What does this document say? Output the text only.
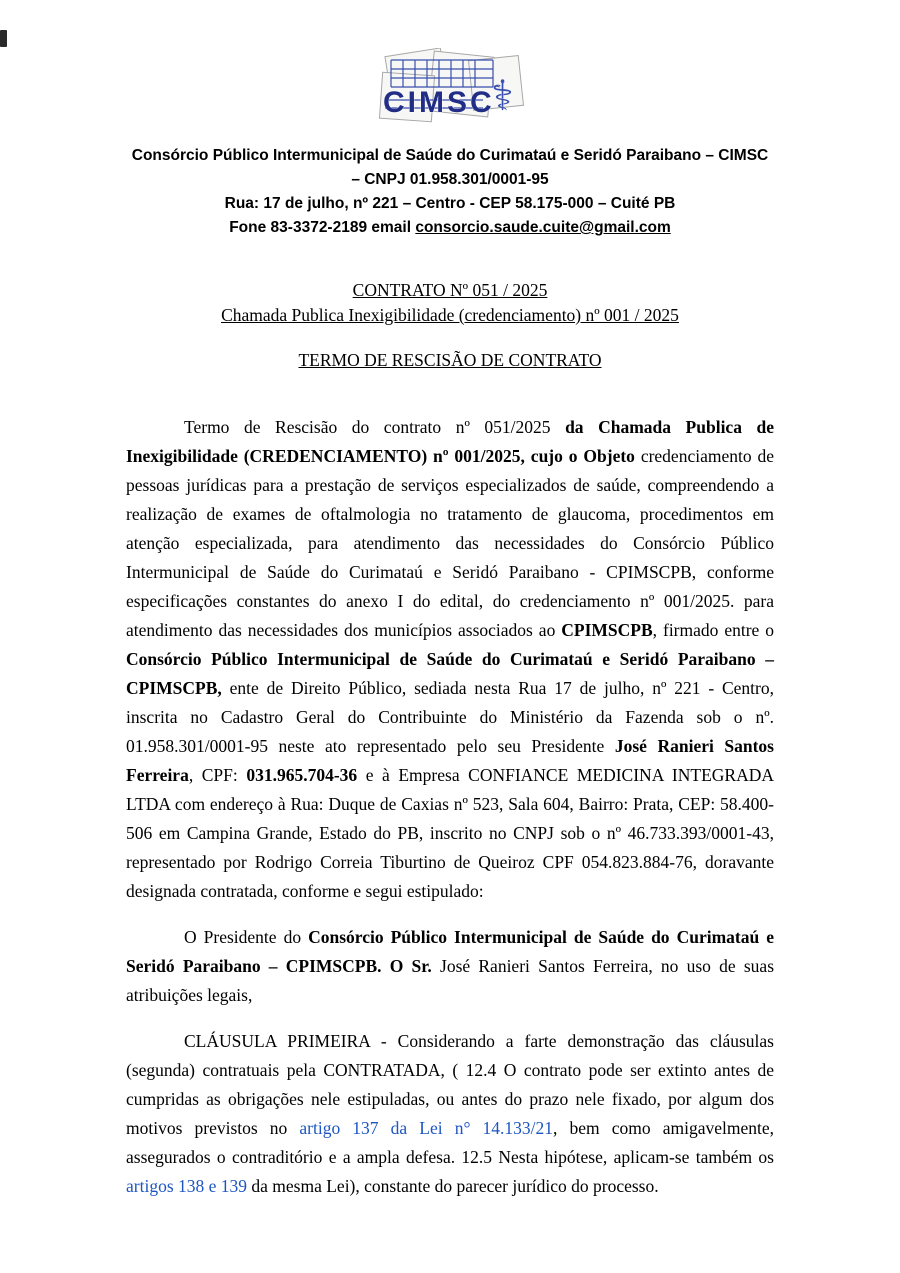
CIMSC
⚕
Consórcio Público Intermunicipal de Saúde do Curimataú e Seridó Paraibano – CIMSC
– CNPJ 01.958.301/0001-95
Rua: 17 de julho, nº 221 – Centro - CEP 58.175-000 – Cuité PB
Fone 83-3372-2189 email consorcio.saude.cuite@gmail.com
CONTRATO Nº 051 / 2025
Chamada Publica Inexigibilidade (credenciamento) nº 001 / 2025
TERMO DE RESCISÃO DE CONTRATO

Termo de Rescisão do contrato nº 051/2025 da Chamada Publica de Inexigibilidade (CREDENCIAMENTO) nº 001/2025, cujo o Objeto credenciamento de pessoas jurídicas para a prestação de serviços especializados de saúde, compreendendo a realização de exames de oftalmologia no tratamento de glaucoma, procedimentos em atenção especializada, para atendimento das necessidades do Consórcio Público Intermunicipal de Saúde do Curimataú e Seridó Paraibano - CPIMSCPB, conforme especificações constantes do anexo I do edital, do credenciamento nº 001/2025. para atendimento das necessidades dos municípios associados ao CPIMSCPB, firmado entre o Consórcio Público Intermunicipal de Saúde do Curimataú e Seridó Paraibano – CPIMSCPB, ente de Direito Público, sediada nesta Rua 17 de julho, nº 221 - Centro, inscrita no Cadastro Geral do Contribuinte do Ministério da Fazenda sob o nº. 01.958.301/0001-95 neste ato representado pelo seu Presidente José Ranieri Santos Ferreira, CPF: 031.965.704-36 e à Empresa CONFIANCE MEDICINA INTEGRADA LTDA com endereço à Rua: Duque de Caxias nº 523, Sala 604, Bairro: Prata, CEP: 58.400-506 em Campina Grande, Estado do PB, inscrito no CNPJ sob o nº 46.733.393/0001-43, representado por Rodrigo Correia Tiburtino de Queiroz CPF 054.823.884-76, doravante designada contratada, conforme e segui estipulado:

O Presidente do Consórcio Público Intermunicipal de Saúde do Curimataú e Seridó Paraibano – CPIMSCPB. O Sr. José Ranieri Santos Ferreira, no uso de suas atribuições legais,

CLÁUSULA PRIMEIRA - Considerando a farte demonstração das cláusulas (segunda) contratuais pela CONTRATADA, ( 12.4 O contrato pode ser extinto antes de cumpridas as obrigações nele estipuladas, ou antes do prazo nele fixado, por algum dos motivos previstos no artigo 137 da Lei n° 14.133/21, bem como amigavelmente, assegurados o contraditório e a ampla defesa. 12.5 Nesta hipótese, aplicam-se também os artigos 138 e 139 da mesma Lei), constante do parecer jurídico do processo.
